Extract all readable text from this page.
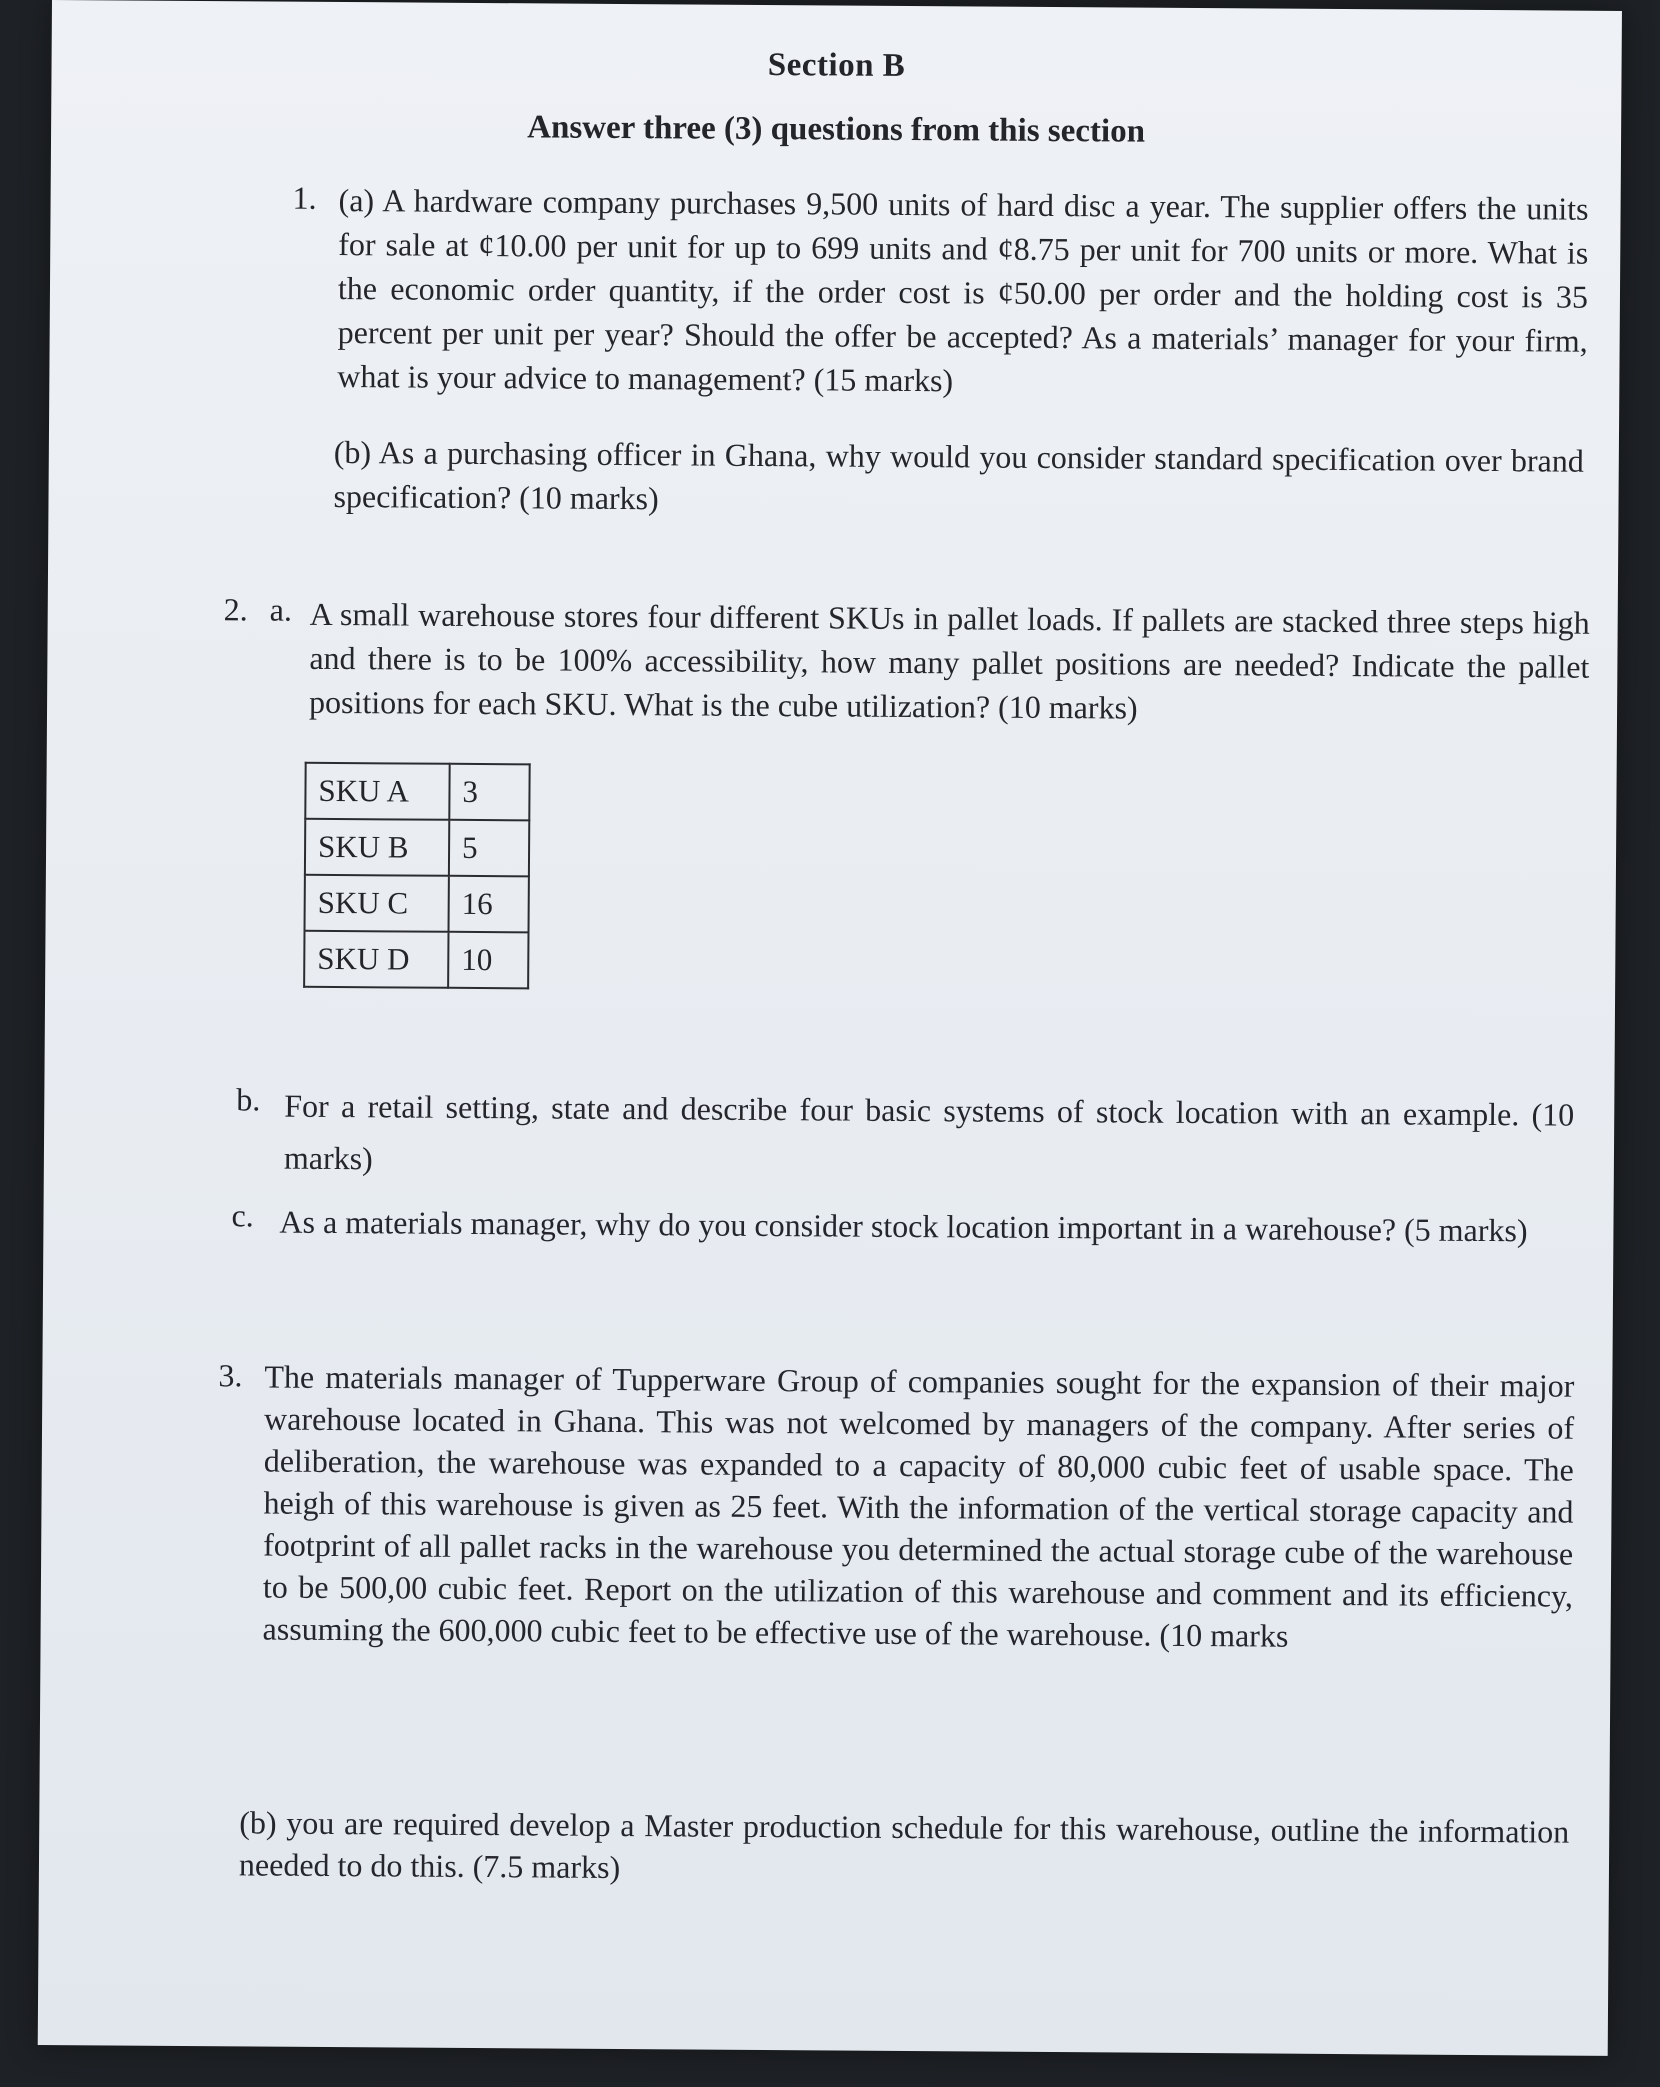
Section B
Answer three (3) questions from this section
1. (a) A hardware company purchases 9,500 units of hard disc a year. The supplier offers the units for sale at ¢10.00 per unit for up to 699 units and ¢8.75 per unit for 700 units or more. What is the economic order quantity, if the order cost is ¢50.00 per order and the holding cost is 35 percent per unit per year? Should the offer be accepted? As a materials’ manager for your firm, what is your advice to management? (15 marks)
(b) As a purchasing officer in Ghana, why would you consider standard specification over brand specification? (10 marks)
2. a. A small warehouse stores four different SKUs in pallet loads. If pallets are stacked three steps high and there is to be 100% accessibility, how many pallet positions are needed? Indicate the pallet positions for each SKU. What is the cube utilization? (10 marks)
SKU A	3
SKU B	5
SKU C	16
SKU D	10
b. For a retail setting, state and describe four basic systems of stock location with an example. (10 marks)
c. As a materials manager, why do you consider stock location important in a warehouse? (5 marks)
3. The materials manager of Tupperware Group of companies sought for the expansion of their major warehouse located in Ghana. This was not welcomed by managers of the company. After series of deliberation, the warehouse was expanded to a capacity of 80,000 cubic feet of usable space. The heigh of this warehouse is given as 25 feet. With the information of the vertical storage capacity and footprint of all pallet racks in the warehouse you determined the actual storage cube of the warehouse to be 500,00 cubic feet. Report on the utilization of this warehouse and comment and its efficiency, assuming the 600,000 cubic feet to be effective use of the warehouse. (10 marks
(b) you are required develop a Master production schedule for this warehouse, outline the information needed to do this. (7.5 marks)
